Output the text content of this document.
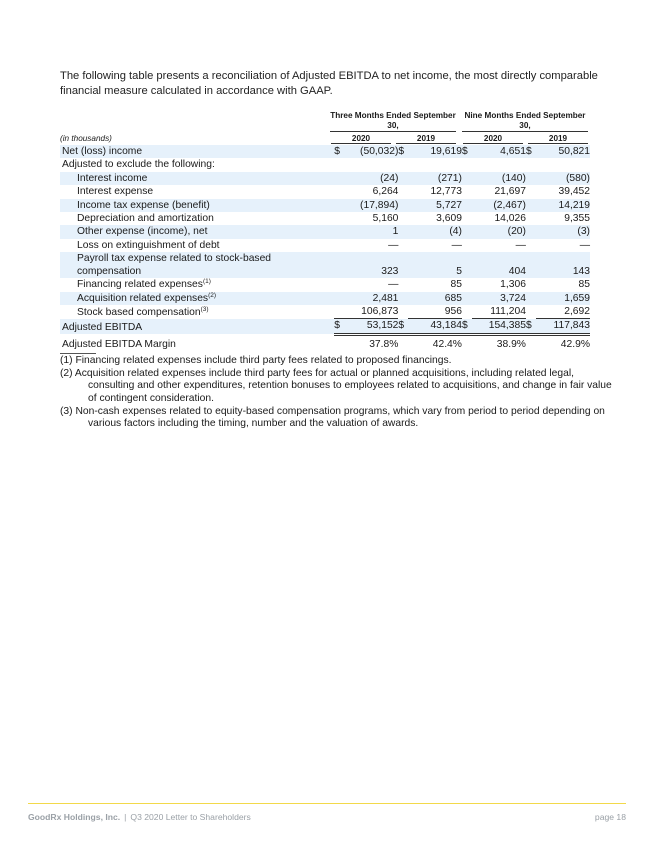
The following table presents a reconciliation of Adjusted EBITDA to net income, the most directly comparable financial measure calculated in accordance with GAAP.
Three Months Ended September 30,
Nine Months Ended September 30,
(in thousands)	2020	2019	2020	2019
Net (loss) income	$	(50,032)	$	19,619	$	4,651	$	50,821
Adjusted to exclude the following:								
Interest income		(24)		(271)		(140)		(580)
Interest expense		6,264		12,773		21,697		39,452
Income tax expense (benefit)		(17,894)		5,727		(2,467)		14,219
Depreciation and amortization		5,160		3,609		14,026		9,355
Other expense (income), net		1		(4)		(20)		(3)
Loss on extinguishment of debt		—		—		—		—
Payroll tax expense related to stock-based compensation		323		5		404		143
Financing related expenses$^{(1)}$		—		85		1,306		85
Acquisition related expenses$^{(2)}$		2,481		685		3,724		1,659
Stock based compensation$^{(3)}$		106,873		956		111,204		2,692
Adjusted EBITDA	$	53,152	$	43,184	$	154,385	$	117,843
Adjusted EBITDA Margin		37.8%		42.4%		38.9%		42.9%
(1) Financing related expenses include third party fees related to proposed financings.
(2) Acquisition related expenses include third party fees for actual or planned acquisitions, including related legal, consulting and other expenditures, retention bonuses to employees related to acquisitions, and change in fair value of contingent consideration.
(3) Non-cash expenses related to equity-based compensation programs, which vary from period to period depending on various factors including the timing, number and the valuation of awards.
GoodRx Holdings, Inc. | Q3 2020 Letter to Shareholders	page 18
